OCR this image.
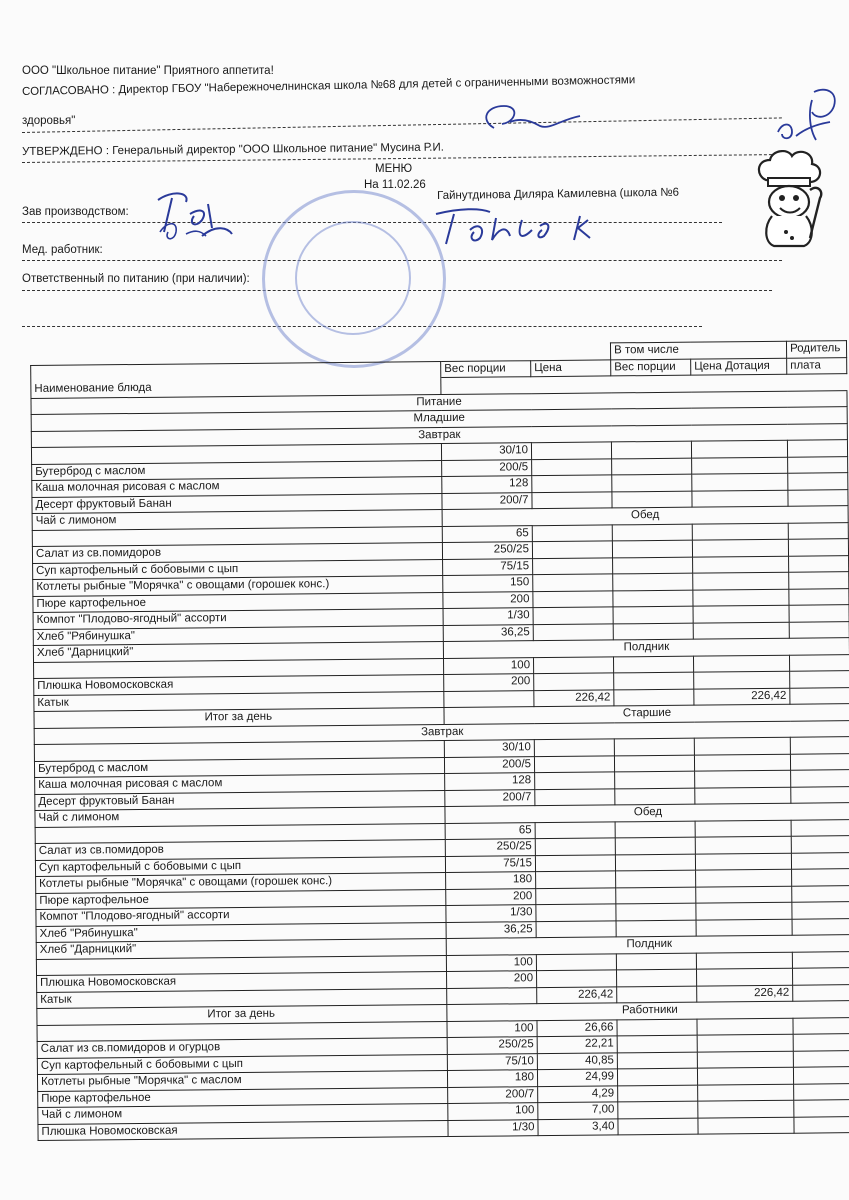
ООО "Школьное питание" Приятного аппетита!
СОГЛАСОВАНО : Директор ГБОУ "Набережночелнинская школа №68 для детей с ограниченными возможностями
здоровья"
УТВЕРЖДЕНО : Генеральный директор "ООО Школьное питание" Мусина Р.И.
МЕНЮ
На 11.02.26
Зав производством:
Гайнутдинова Диляра Камилевна (школа №6
Мед. работник:
Ответственный по питанию (при наличии):
			В том числе		Родитель
	Вес порции	Цена	Вес порции	Цена Дотация	плата
Наименование блюда					
Питание					
Младшие					
Завтрак					
	30/10				
Бутерброд с маслом	200/5				
Каша молочная рисовая с маслом	128				
Десерт фруктовый Банан	200/7				
Чай с лимоном	Обед				
	65				
Салат из св.помидоров	250/25				
Суп картофельный с бобовыми с цып	75/15				
Котлеты рыбные "Морячка" с овощами (горошек конс.)	150				
Пюре картофельное	200				
Компот "Плодово-ягодный" ассорти	1/30				
Хлеб "Рябинушка"	36,25				
Хлеб "Дарницкий"	Полдник				
	100				
Плюшка Новомосковская	200				
Катык		226,42		226,42	
Итог за день	Старшие				
Завтрак					
	30/10				
Бутерброд с маслом	200/5				
Каша молочная рисовая с маслом	128				
Десерт фруктовый Банан	200/7				
Чай с лимоном	Обед				
	65				
Салат из св.помидоров	250/25				
Суп картофельный с бобовыми с цып	75/15				
Котлеты рыбные "Морячка" с овощами (горошек конс.)	180				
Пюре картофельное	200				
Компот "Плодово-ягодный" ассорти	1/30				
Хлеб "Рябинушка"	36,25				
Хлеб "Дарницкий"	Полдник				
	100				
Плюшка Новомосковская	200				
Катык		226,42		226,42	
Итог за день	Работники				
	100	26,66			
Салат из св.помидоров и огурцов	250/25	22,21			
Суп картофельный с бобовыми с цып	75/10	40,85			
Котлеты рыбные "Морячка" с маслом	180	24,99			
Пюре картофельное	200/7	4,29			
Чай с лимоном	100	7,00			
Плюшка Новомосковская	1/30	3,40			
